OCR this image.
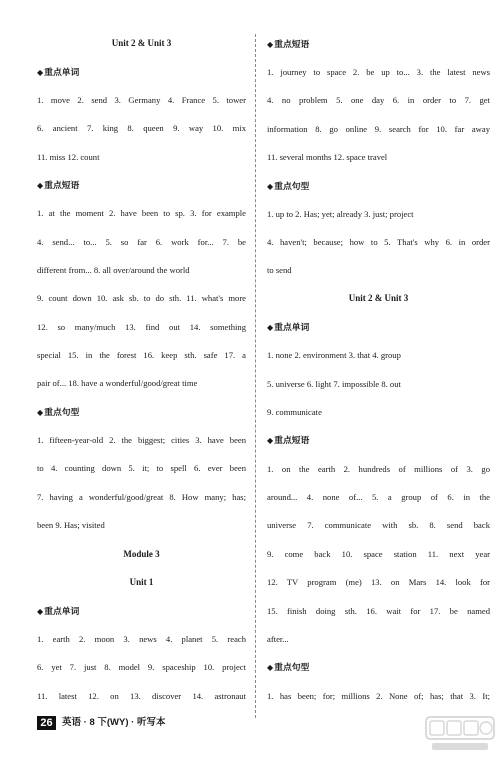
Unit 2 & Unit 3
◆重点单词
1. move 2. send 3. Germany 4. France 5. tower
6. ancient 7. king 8. queen 9. way 10. mix
11. miss 12. count
◆重点短语
1. at the moment 2. have been to sp. 3. for example
4. send... to... 5. so far 6. work for... 7. be
different from... 8. all over/around the world
9. count down 10. ask sb. to do sth. 11. what's more
12. so many/much 13. find out 14. something
special 15. in the forest 16. keep sth. safe 17. a
pair of... 18. have a wonderful/good/great time
◆重点句型
1. fifteen-year-old 2. the biggest; cities 3. have been
to 4. counting down 5. it; to spell 6. ever been
7. having a wonderful/good/great 8. How many; has;
been 9. Has; visited
Module 3
Unit 1
◆重点单词
1. earth 2. moon 3. news 4. planet 5. reach
6. yet 7. just 8. model 9. spaceship 10. project
11. latest 12. on 13. discover 14. astronaut
◆重点短语
1. journey to space 2. be up to... 3. the latest news
4. no problem 5. one day 6. in order to 7. get
information 8. go online 9. search for 10. far away
11. several months 12. space travel
◆重点句型
1. up to 2. Has; yet; already 3. just; project
4. haven't; because; how to 5. That's why 6. in order
to send
Unit 2 & Unit 3
◆重点单词
1. none 2. environment 3. that 4. group
5. universe 6. light 7. impossible 8. out
9. communicate
◆重点短语
1. on the earth 2. hundreds of millions of 3. go
around... 4. none of... 5. a group of 6. in the
universe 7. communicate with sb. 8. send back
9. come back 10. space station 11. next year
12. TV program (me) 13. on Mars 14. look for
15. finish doing sth. 16. wait for 17. be named
after...
◆重点句型
1. has been; for; millions 2. None of; has; that 3. It;
26 英语 · 8 下(WY) · 听写本
